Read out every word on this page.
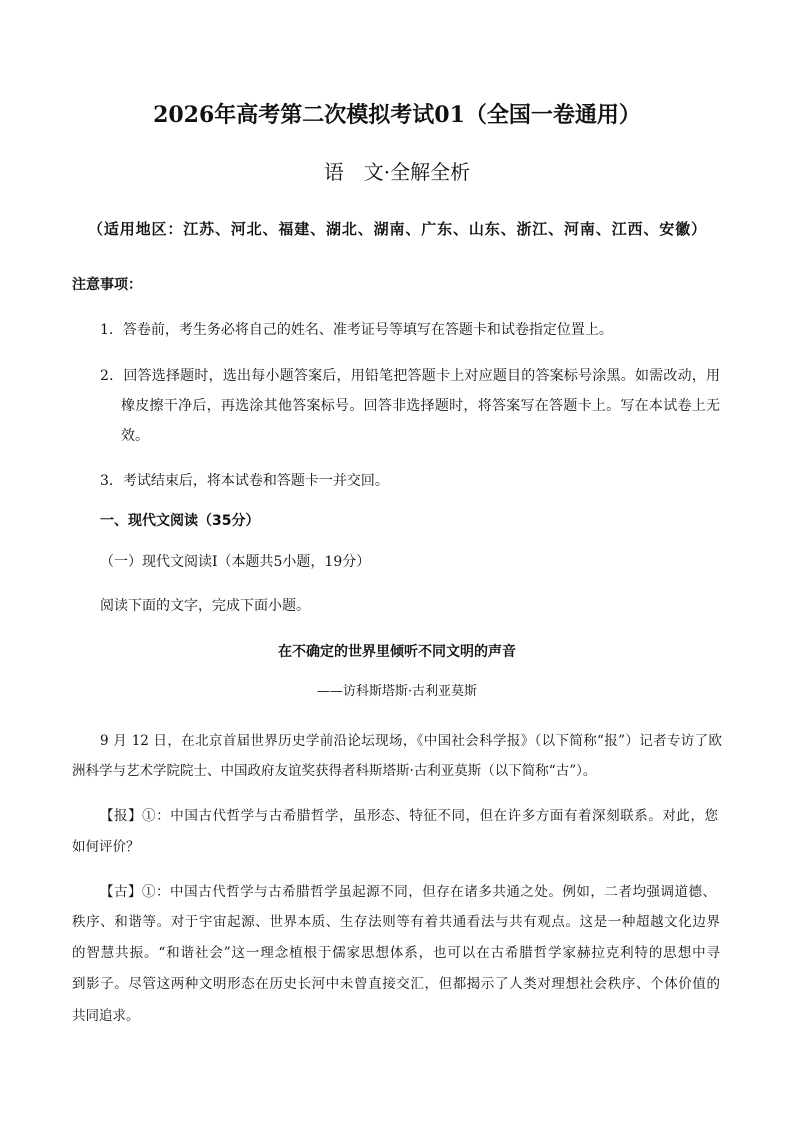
2026年高考第二次模拟考试01（全国一卷通用）
语　文·全解全析
（适用地区：江苏、河北、福建、湖北、湖南、广东、山东、浙江、河南、江西、安徽）
注意事项：
1．答卷前，考生务必将自己的姓名、准考证号等填写在答题卡和试卷指定位置上。
2．回答选择题时，选出每小题答案后，用铅笔把答题卡上对应题目的答案标号涂黑。如需改动，用
橡皮擦干净后，再选涂其他答案标号。回答非选择题时，将答案写在答题卡上。写在本试卷上无
效。
3．考试结束后，将本试卷和答题卡一并交回。
一、现代文阅读（35分）
（一）现代文阅读Ⅰ（本题共5小题，19分）
阅读下面的文字，完成下面小题。
在不确定的世界里倾听不同文明的声音
——访科斯塔斯·古利亚莫斯
9 月 12 日，在北京首届世界历史学前沿论坛现场，《中国社会科学报》（以下简称“报”）记者专访了欧
洲科学与艺术学院院士、中国政府友谊奖获得者科斯塔斯·古利亚莫斯（以下简称“古”）。
【报】①：中国古代哲学与古希腊哲学，虽形态、特征不同，但在许多方面有着深刻联系。对此，您
如何评价？
【古】①：中国古代哲学与古希腊哲学虽起源不同，但存在诸多共通之处。例如，二者均强调道德、
秩序、和谐等。对于宇宙起源、世界本质、生存法则等有着共通看法与共有观点。这是一种超越文化边界
的智慧共振。“和谐社会”这一理念植根于儒家思想体系，也可以在古希腊哲学家赫拉克利特的思想中寻
到影子。尽管这两种文明形态在历史长河中未曾直接交汇，但都揭示了人类对理想社会秩序、个体价值的
共同追求。
